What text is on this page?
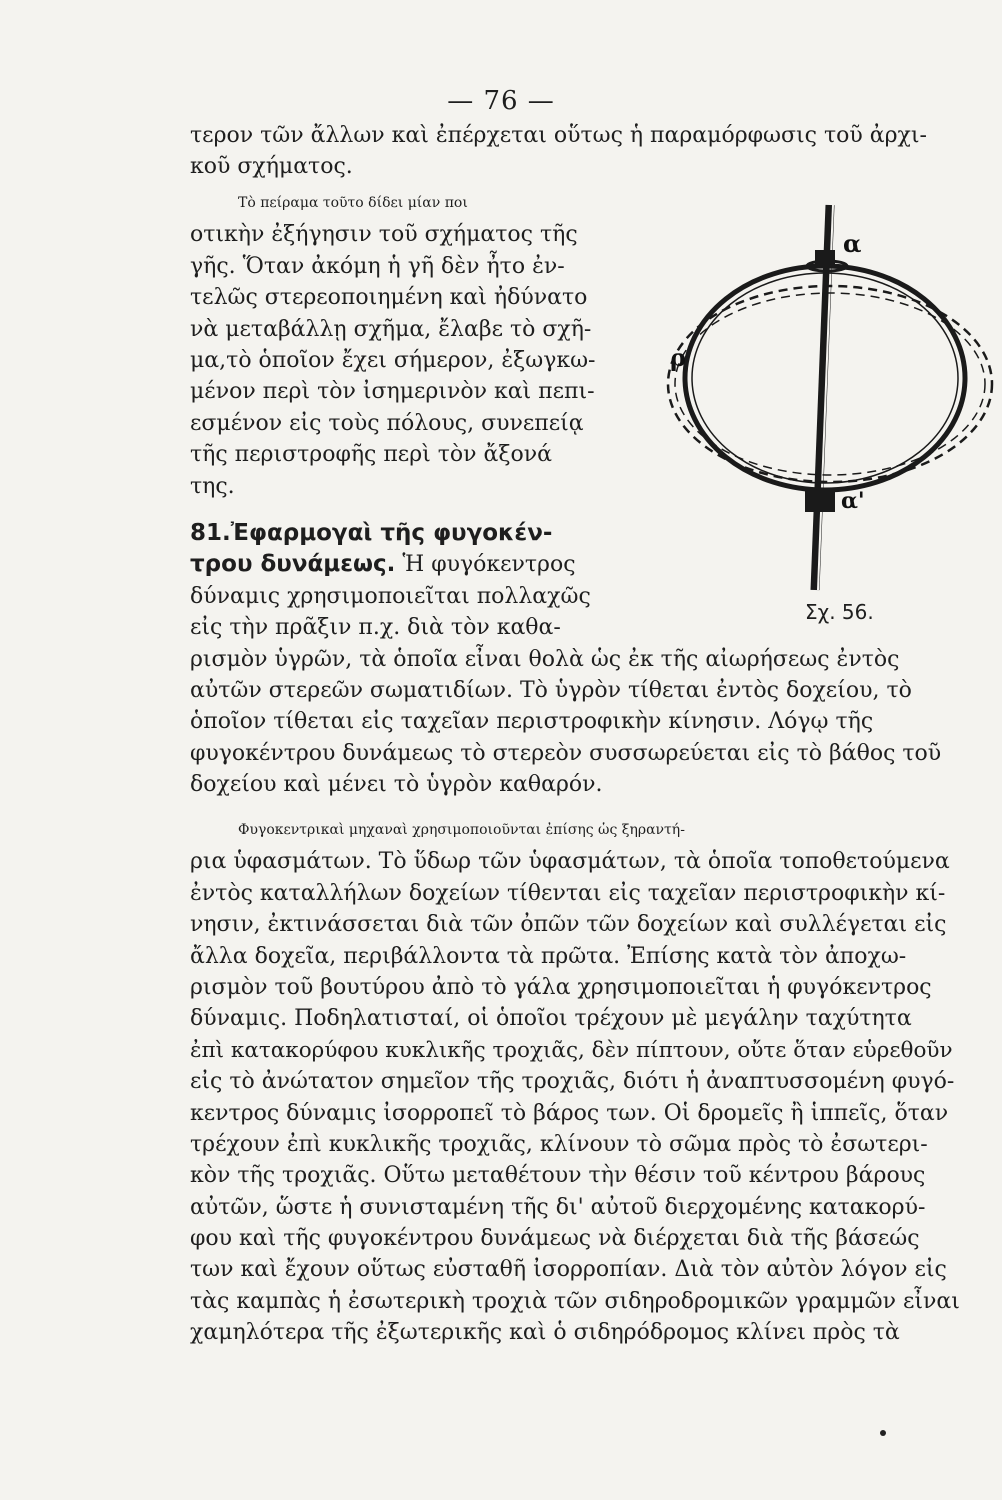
— 76 —
τερον τῶν ἄλλων καὶ ἐπέρχεται οὕτως ἡ παραμόρφωσις τοῦ ἀρχι-
κοῦ σχήματος.
Τὸ πείραμα τοῦτο δίδει μίαν ποι
οτικὴν ἐξήγησιν τοῦ σχήματος τῆς
γῆς. Ὅταν ἀκόμη ἡ γῆ δὲν ἦτο ἐν-
τελῶς στερεοποιημένη καὶ ἠδύνατο
νὰ μεταβάλλῃ σχῆμα, ἔλαβε τὸ σχῆ-
μα,τὸ ὁποῖον ἔχει σήμερον, ἐξωγκω-
μένον περὶ τὸν ἰσημερινὸν καὶ πεπι-
εσμένον εἰς τοὺς πόλους, συνεπείᾳ
τῆς περιστροφῆς περὶ τὸν ἄξονά
της.
81.Ἐφαρμογαὶ τῆς φυγοκέν-
τρου δυνάμεως. Ἡ φυγόκεντρος
δύναμις χρησιμοποιεῖται πολλαχῶς
εἰς τὴν πρᾶξιν π.χ. διὰ τὸν καθα-
ρισμὸν ὑγρῶν, τὰ ὁποῖα εἶναι θολὰ ὡς ἐκ τῆς αἰωρήσεως ἐντὸς
αὐτῶν στερεῶν σωματιδίων. Τὸ ὑγρὸν τίθεται ἐντὸς δοχείου, τὸ
ὁποῖον τίθεται εἰς ταχεῖαν περιστροφικὴν κίνησιν. Λόγῳ τῆς
φυγοκέντρου δυνάμεως τὸ στερεὸν συσσωρεύεται εἰς τὸ βάθος τοῦ
δοχείου καὶ μένει τὸ ὑγρὸν καθαρόν.
Φυγοκεντρικαὶ μηχαναὶ χρησιμοποιοῦνται ἐπίσης ὡς ξηραντή-
ρια ὑφασμάτων. Τὸ ὕδωρ τῶν ὑφασμάτων, τὰ ὁποῖα τοποθετούμενα
ἐντὸς καταλλήλων δοχείων τίθενται εἰς ταχεῖαν περιστροφικὴν κί-
νησιν, ἐκτινάσσεται διὰ τῶν ὀπῶν τῶν δοχείων καὶ συλλέγεται εἰς
ἄλλα δοχεῖα, περιβάλλοντα τὰ πρῶτα. Ἐπίσης κατὰ τὸν ἀποχω-
ρισμὸν τοῦ βουτύρου ἀπὸ τὸ γάλα χρησιμοποιεῖται ἡ φυγόκεντρος
δύναμις. Ποδηλατισταί, οἱ ὁποῖοι τρέχουν μὲ μεγάλην ταχύτητα
ἐπὶ κατακορύφου κυκλικῆς τροχιᾶς, δὲν πίπτουν, οὔτε ὅταν εὑρεθοῦν
εἰς τὸ ἀνώτατον σημεῖον τῆς τροχιᾶς, διότι ἡ ἀναπτυσσομένη φυγό-
κεντρος δύναμις ἰσορροπεῖ τὸ βάρος των. Οἱ δρομεῖς ἢ ἱππεῖς, ὅταν
τρέχουν ἐπὶ κυκλικῆς τροχιᾶς, κλίνουν τὸ σῶμα πρὸς τὸ ἐσωτερι-
κὸν τῆς τροχιᾶς. Οὕτω μεταθέτουν τὴν θέσιν τοῦ κέντρου βάρους
αὐτῶν, ὥστε ἡ συνισταμένη τῆς δι' αὐτοῦ διερχομένης κατακορύ-
φου καὶ τῆς φυγοκέντρου δυνάμεως νὰ διέρχεται διὰ τῆς βάσεώς
των καὶ ἔχουν οὕτως εὐσταθῆ ἰσορροπίαν. Διὰ τὸν αὐτὸν λόγον εἰς
τὰς καμπὰς ἡ ἐσωτερικὴ τροχιὰ τῶν σιδηροδρομικῶν γραμμῶν εἶναι
χαμηλότερα τῆς ἐξωτερικῆς καὶ ὁ σιδηρόδρομος κλίνει πρὸς τὰ
α
α'
ρ
Σχ. 56.
